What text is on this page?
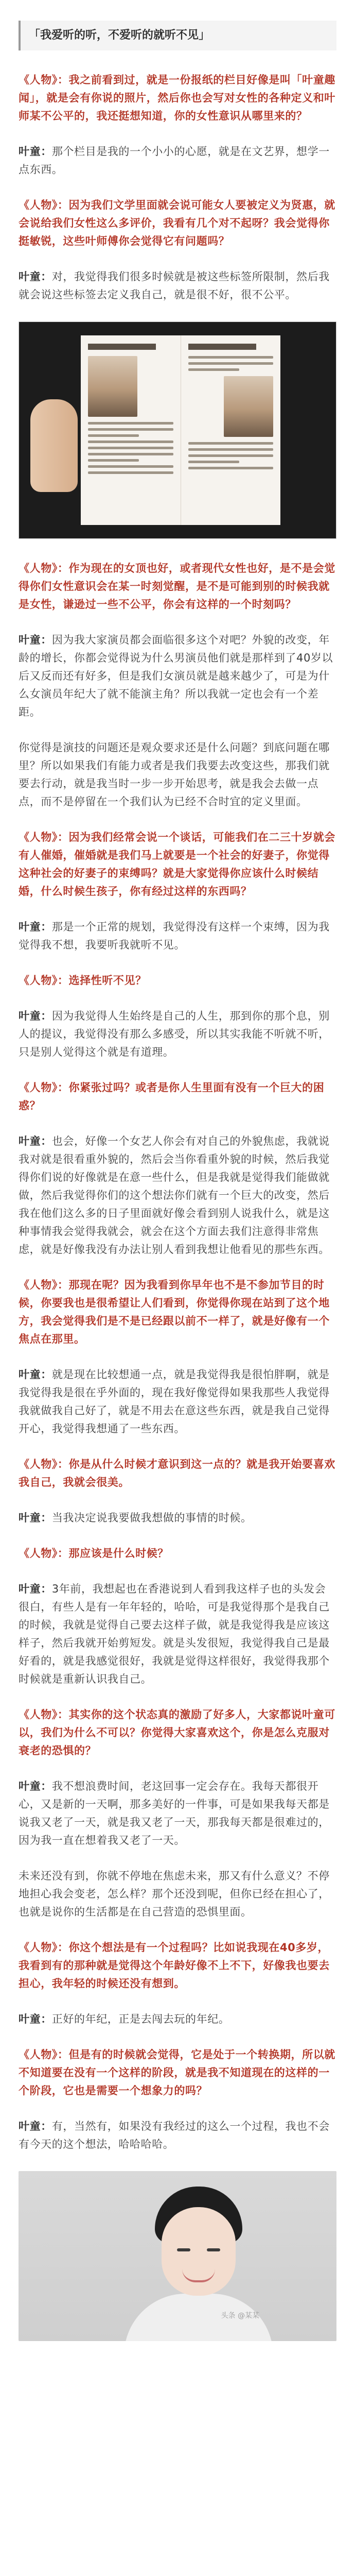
「我爱听的听，不爱听的就听不见」

《人物》：我之前看到过，就是一份报纸的栏目好像是叫「叶童趣闻」，就是会有你说的照片，然后你也会写对女性的各种定义和叶师某不公平的，我还挺想知道，你的女性意识从哪里来的？

叶童：那个栏目是我的一个小小的心愿，就是在文艺界，想学一点东西。

《人物》：因为我们文学里面就会说可能女人要被定义为贤惠，就会说给我们女性这么多评价，我看有几个对不起呀？我会觉得你挺敏锐，这些叶师傅你会觉得它有问题吗？

叶童：对，我觉得我们很多时候就是被这些标签所限制，然后我就会说这些标签去定义我自己，就是很不好，很不公平。

《人物》：作为现在的女顶也好，或者现代女性也好，是不是会觉得你们女性意识会在某一时刻觉醒，是不是可能到别的时候我就是女性，谦逊过一些不公平，你会有这样的一个时刻吗？

叶童：因为我大家演员都会面临很多这个对吧？外貌的改变，年龄的增长，你都会觉得说为什么男演员他们就是那样到了40岁以后又反而还有好多，但是我们女演员就是越来越少了，可是为什么女演员年纪大了就不能演主角？所以我就一定也会有一个差距。

你觉得是演技的问题还是观众要求还是什么问题？到底问题在哪里？所以如果我们有能力或者是我们我要去改变这些，那我们就要去行动，就是我当时一步一步开始思考，就是我会去做一点点，而不是停留在一个我们认为已经不合时宜的定义里面。

《人物》：因为我们经常会说一个谈话，可能我们在二三十岁就会有人催婚，催婚就是我们马上就要是一个社会的好妻子，你觉得这种社会的好妻子的束缚吗？就是大家觉得你应该什么时候结婚，什么时候生孩子，你有经过这样的东西吗？

叶童：那是一个正常的规划，我觉得没有这样一个束缚，因为我觉得我不想，我要听我就听不见。

《人物》：选择性听不见？

叶童：因为我觉得人生始终是自己的人生，那到你的那个息，别人的提议，我觉得没有那么多感受，所以其实我能不听就不听，只是别人觉得这个就是有道理。

《人物》：你紧张过吗？或者是你人生里面有没有一个巨大的困惑？

叶童：也会，好像一个女艺人你会有对自己的外貌焦虑，我就说我对就是很看重外貌的，然后会当你看重外貌的时候，然后我觉得你们说的好像就是在意一些什么，但是我就是觉得我们能做就做，然后我觉得你们的这个想法你们就有一个巨大的改变，然后我在他们这么多的日子里面就好像会看到别人说我什么，就是这种事情我会觉得我就会，就会在这个方面去我们注意得非常焦虑，就是好像我没有办法让别人看到我想让他看见的那些东西。

《人物》：那现在呢？因为我看到你早年也不是不参加节目的时候，你要我也是很希望让人们看到，你觉得你现在站到了这个地方，我会觉得我们是不是已经跟以前不一样了，就是好像有一个焦点在那里。

叶童：就是现在比较想通一点，就是我觉得我是很怕胖啊，就是我觉得我是很在乎外面的，现在我好像觉得如果我那些人我觉得我就做我自己好了，就是不用去在意这些东西，就是我自己觉得开心，我觉得我想通了一些东西。

《人物》：你是从什么时候才意识到这一点的？就是我开始要喜欢我自己，我就会很美。

叶童：当我决定说我要做我想做的事情的时候。

《人物》：那应该是什么时候？

叶童：3年前，我想起也在香港说到人看到我这样子也的头发会很白，有些人是有一年年轻的，哈哈，可是我觉得那个是我自己的时候，我就是觉得自己要去这样子做，就是我觉得我是应该这样子，然后我就开始剪短发。就是头发很短，我觉得我自己是最好看的，就是我感觉很好，我就是觉得这样很好，我觉得我那个时候就是重新认识我自己。

《人物》：其实你的这个状态真的激励了好多人，大家都说叶童可以，我们为什么不可以？你觉得大家喜欢这个，你是怎么克服对衰老的恐惧的？

叶童：我不想浪费时间，老这回事一定会存在。我每天都很开心，又是新的一天啊，那多美好的一件事，可是如果我每天都是说我又老了一天，就是我又老了一天，那我每天都是很难过的，因为我一直在想着我又老了一天。

未来还没有到，你就不停地在焦虑未来，那又有什么意义？不停地担心我会变老，怎么样？那个还没到呢，但你已经在担心了，也就是说你的生活都是在自己营造的恐惧里面。

《人物》：你这个想法是有一个过程吗？比如说我现在40多岁，我看到有的那种就是觉得这个年龄好像不上不下，好像我也要去担心，我年轻的时候还没有想到。

叶童：正好的年纪，正是去闯去玩的年纪。

《人物》：但是有的时候就会觉得，它是处于一个转换期，所以就不知道要在没有一个这样的阶段，就是我不知道现在的这样的一个阶段，它也是需要一个想象力的吗？

叶童：有，当然有，如果没有我经过的这么一个过程，我也不会有今天的这个想法，哈哈哈哈。

头条 @某某
